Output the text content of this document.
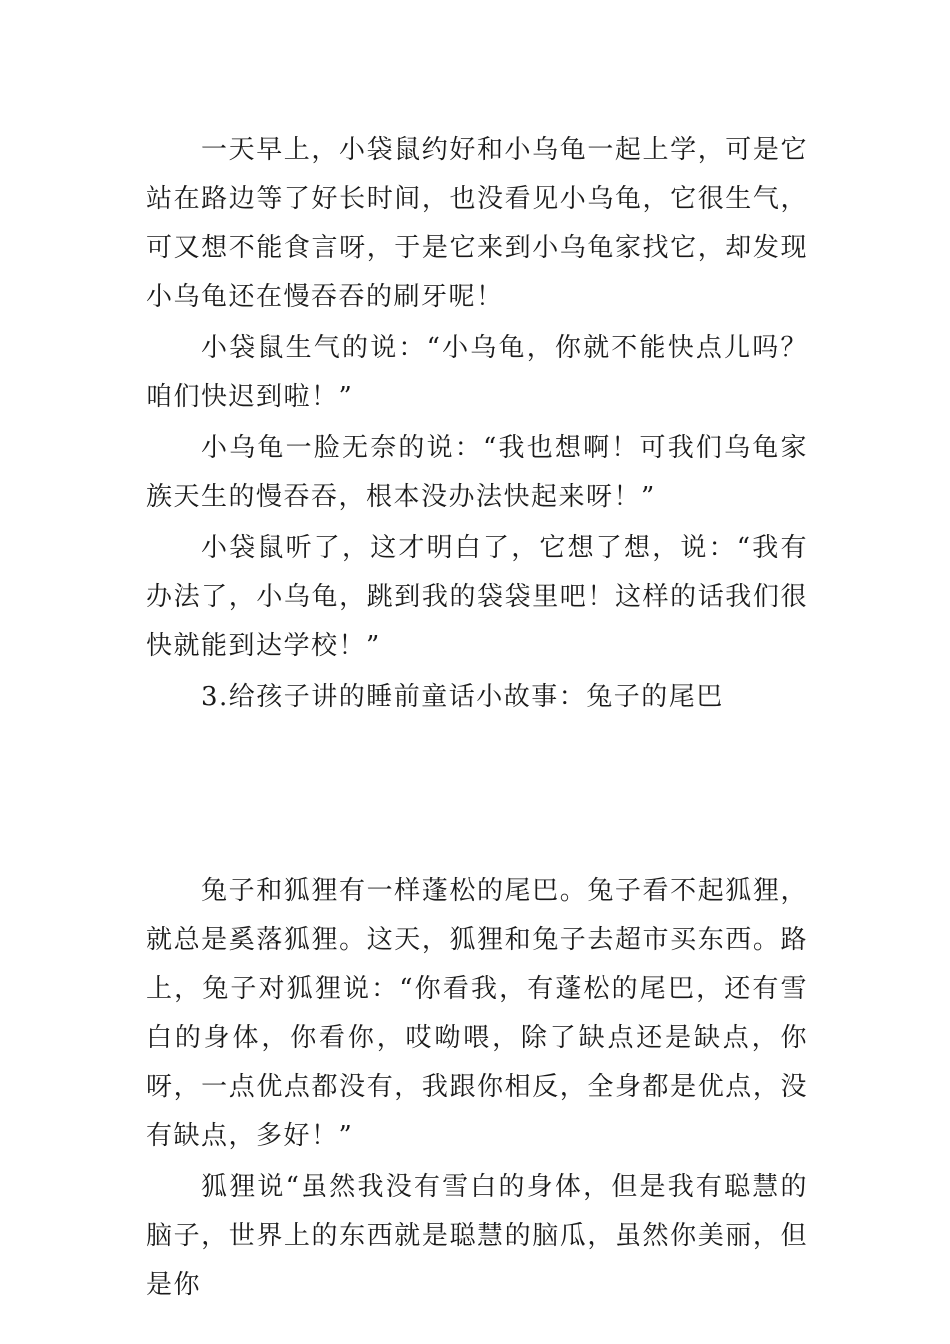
一天早上，小袋鼠约好和小乌龟一起上学，可是它站在路边等了好长时间，也没看见小乌龟，它很生气，可又想不能食言呀，于是它来到小乌龟家找它，却发现小乌龟还在慢吞吞的刷牙呢！

小袋鼠生气的说：“小乌龟，你就不能快点儿吗？咱们快迟到啦！”

小乌龟一脸无奈的说：“我也想啊！可我们乌龟家族天生的慢吞吞，根本没办法快起来呀！”

小袋鼠听了，这才明白了，它想了想，说：“我有办法了，小乌龟，跳到我的袋袋里吧！这样的话我们很快就能到达学校！”

3.给孩子讲的睡前童话小故事：兔子的尾巴

兔子和狐狸有一样蓬松的尾巴。兔子看不起狐狸，就总是奚落狐狸。这天，狐狸和兔子去超市买东西。路上，兔子对狐狸说：“你看我，有蓬松的尾巴，还有雪白的身体，你看你，哎呦喂，除了缺点还是缺点，你呀，一点优点都没有，我跟你相反，全身都是优点，没有缺点，多好！”

狐狸说“虽然我没有雪白的身体，但是我有聪慧的脑子，世界上的东西就是聪慧的脑瓜，虽然你美丽，但是你
